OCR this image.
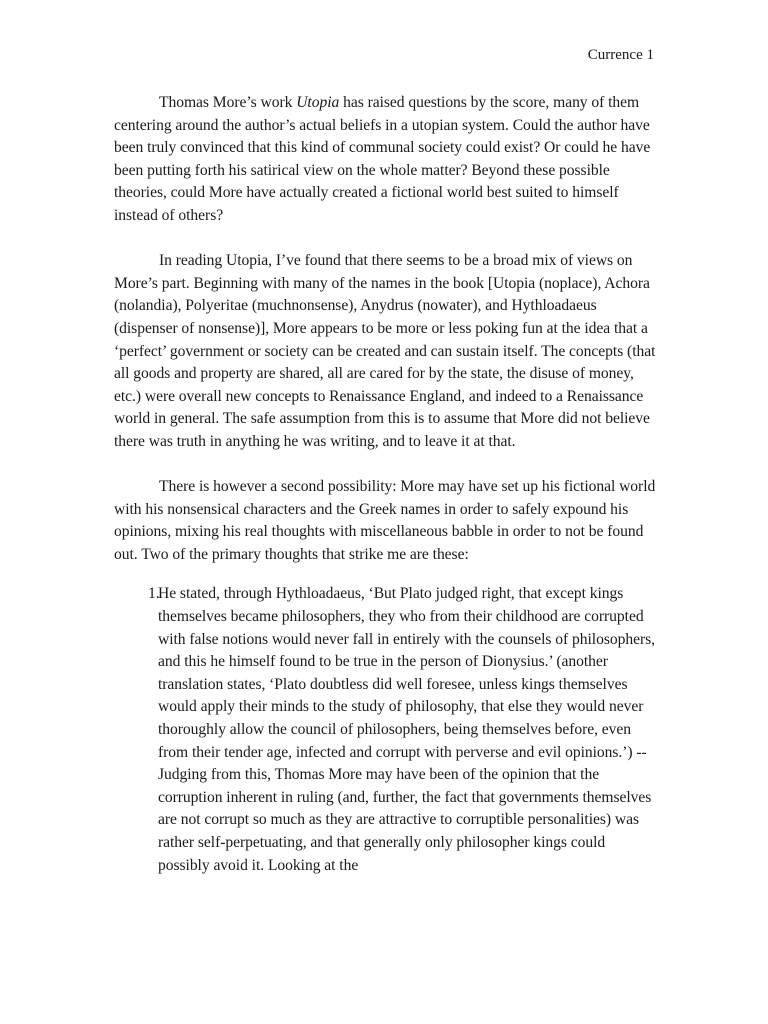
Currence 1

Thomas More’s work Utopia has raised questions by the score, many of them centering around the author’s actual beliefs in a utopian system. Could the author have been truly convinced that this kind of communal society could exist? Or could he have been putting forth his satirical view on the whole matter? Beyond these possible theories, could More have actually created a fictional world best suited to himself instead of others?

In reading Utopia, I’ve found that there seems to be a broad mix of views on More’s part. Beginning with many of the names in the book [Utopia (noplace), Achora (nolandia), Polyeritae (muchnonsense), Anydrus (nowater), and Hythloadaeus (dispenser of nonsense)], More appears to be more or less poking fun at the idea that a ‘perfect’ government or society can be created and can sustain itself. The concepts (that all goods and property are shared, all are cared for by the state, the disuse of money, etc.) were overall new concepts to Renaissance England, and indeed to a Renaissance world in general. The safe assumption from this is to assume that More did not believe there was truth in anything he was writing, and to leave it at that.

There is however a second possibility: More may have set up his fictional world with his nonsensical characters and the Greek names in order to safely expound his opinions, mixing his real thoughts with miscellaneous babble in order to not be found out. Two of the primary thoughts that strike me are these:

1.
He stated, through Hythloadaeus, ‘But Plato judged right, that except kings themselves became philosophers, they who from their childhood are corrupted with false notions would never fall in entirely with the counsels of philosophers, and this he himself found to be true in the person of Dionysius.’ (another translation states, ‘Plato doubtless did well foresee, unless kings themselves would apply their minds to the study of philosophy, that else they would never thoroughly allow the council of philosophers, being themselves before, even from their tender age, infected and corrupt with perverse and evil opinions.’) -- Judging from this, Thomas More may have been of the opinion that the corruption inherent in ruling (and, further, the fact that governments themselves are not corrupt so much as they are attractive to corruptible personalities) was rather self-perpetuating, and that generally only philosopher kings could possibly avoid it. Looking at the
